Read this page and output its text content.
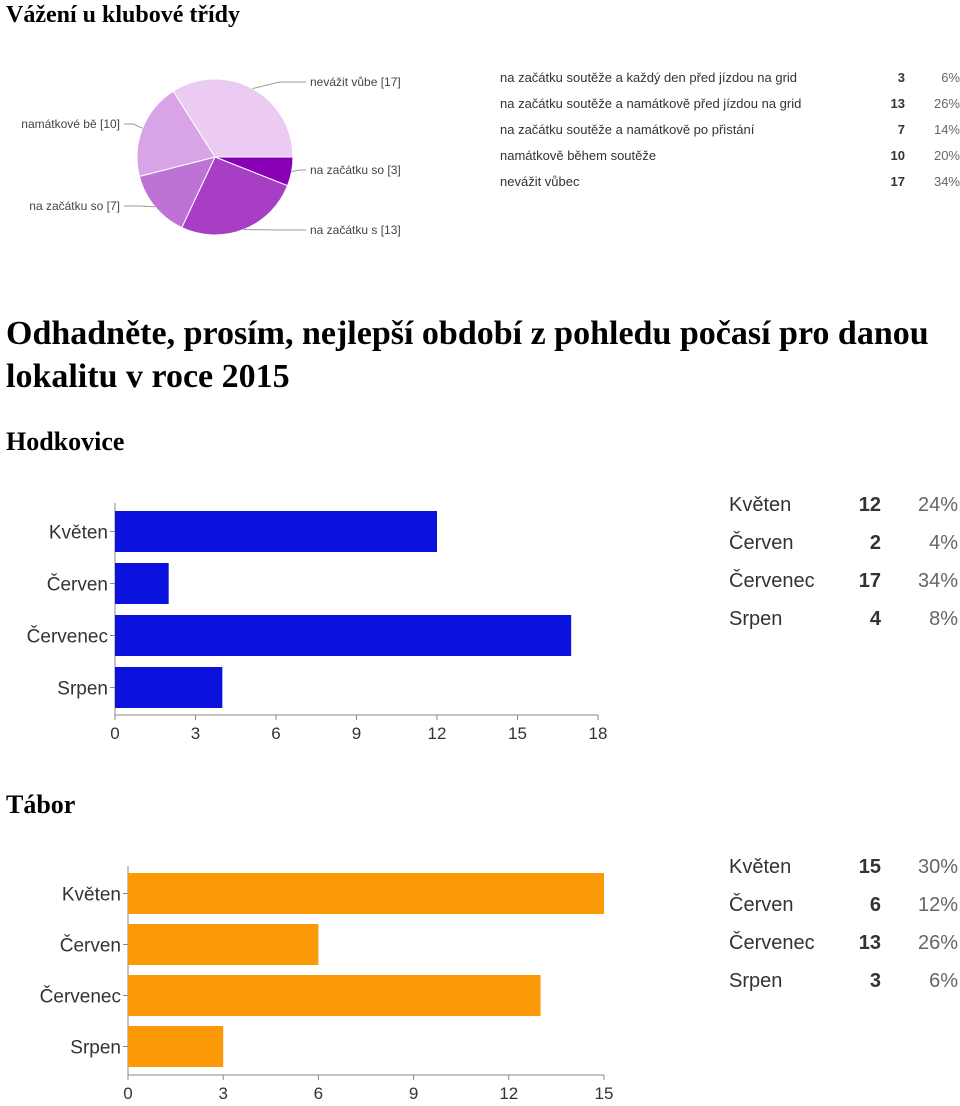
Vážení u klubové třídy
na začátku so [3]
na začátku s [13]
na začátku so [7]
namátkové bě [10]
nevážit vůbe [17]
0	3	6	9	12	15	18
Květen
Červen
Červenec
Srpen
0	3	6	9	12	15
Květen
Červen
Červenec
Srpen
na začátku soutěže a každý den před jízdou na grid	3	6%
na začátku soutěže a namátkově před jízdou na grid	13	26%
na začátku soutěže a namátkově po přistání	7	14%
namátkově během soutěže	10	20%
nevážit vůbec	17	34%
Odhadněte, prosím, nejlepší období z pohledu počasí pro danou lokalitu v roce 2015
Hodkovice
Květen	12	24%
Červen	2	4%
Červenec	17	34%
Srpen	4	8%
Tábor
Květen	15	30%
Červen	6	12%
Červenec	13	26%
Srpen	3	6%
